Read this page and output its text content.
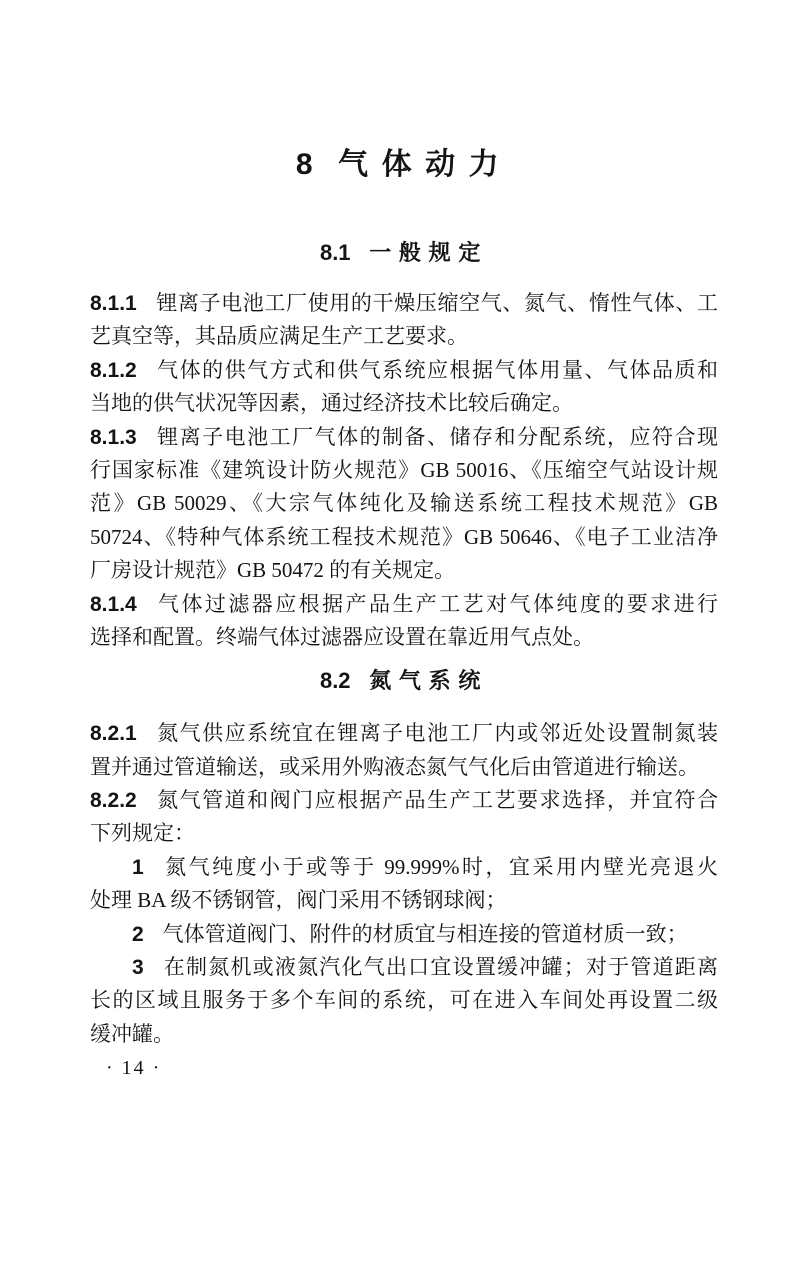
8 气体动力
8.1 一般规定
8.1.1 锂离子电池工厂使用的干燥压缩空气、氮气、惰性气体、工
艺真空等，其品质应满足生产工艺要求。
8.1.2 气体的供气方式和供气系统应根据气体用量、气体品质和
当地的供气状况等因素，通过经济技术比较后确定。
8.1.3 锂离子电池工厂气体的制备、储存和分配系统，应符合现
行国家标准《建筑设计防火规范》GB 50016、《压缩空气站设计规
范》GB 50029、《大宗气体纯化及输送系统工程技术规范》GB
50724、《特种气体系统工程技术规范》GB 50646、《电子工业洁净
厂房设计规范》GB 50472 的有关规定。
8.1.4 气体过滤器应根据产品生产工艺对气体纯度的要求进行
选择和配置。终端气体过滤器应设置在靠近用气点处。
8.2 氮气系统
8.2.1 氮气供应系统宜在锂离子电池工厂内或邻近处设置制氮装
置并通过管道输送，或采用外购液态氮气气化后由管道进行输送。
8.2.2 氮气管道和阀门应根据产品生产工艺要求选择，并宜符合
下列规定：
1 氮气纯度小于或等于 99.999%时，宜采用内壁光亮退火
处理 BA 级不锈钢管，阀门采用不锈钢球阀；
2 气体管道阀门、附件的材质宜与相连接的管道材质一致；
3 在制氮机或液氮汽化气出口宜设置缓冲罐；对于管道距离
长的区域且服务于多个车间的系统，可在进入车间处再设置二级
缓冲罐。
· 14 ·
